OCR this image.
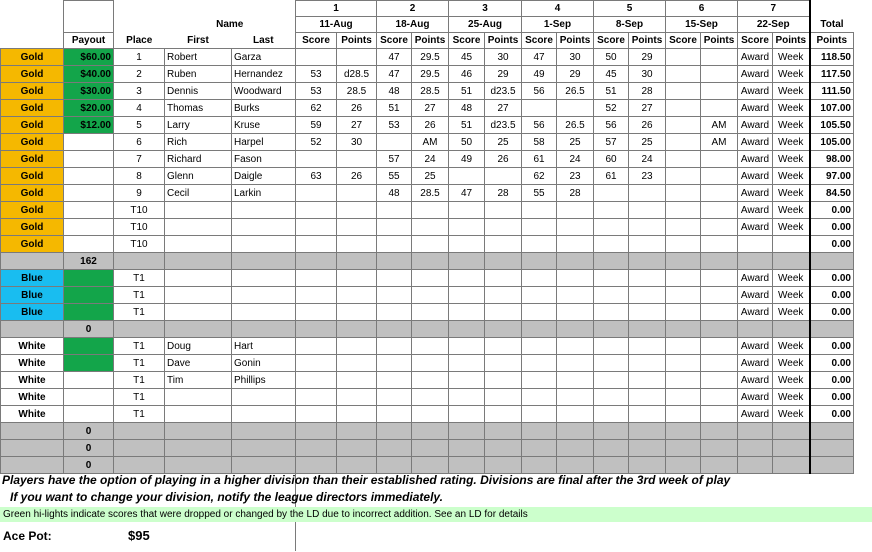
					1		2		3		4		5		6		7		
			Name		11-Aug		18-Aug		25-Aug		1-Sep		8-Sep		15-Sep		22-Sep		Total
	Payout	Place	First	Last	Score	Points	Score	Points	Score	Points	Score	Points	Score	Points	Score	Points	Score	Points	Points
Gold	$60.00	1	Robert	Garza			47	29.5	45	30	47	30	50	29			Award	Week	118.50
Gold	$40.00	2	Ruben	Hernandez	53	d28.5	47	29.5	46	29	49	29	45	30			Award	Week	117.50
Gold	$30.00	3	Dennis	Woodward	53	28.5	48	28.5	51	d23.5	56	26.5	51	28			Award	Week	111.50
Gold	$20.00	4	Thomas	Burks	62	26	51	27	48	27			52	27			Award	Week	107.00
Gold	$12.00	5	Larry	Kruse	59	27	53	26	51	d23.5	56	26.5	56	26		AM	Award	Week	105.50
Gold		6	Rich	Harpel	52	30		AM	50	25	58	25	57	25		AM	Award	Week	105.00
Gold		7	Richard	Fason			57	24	49	26	61	24	60	24			Award	Week	98.00
Gold		8	Glenn	Daigle	63	26	55	25			62	23	61	23			Award	Week	97.00
Gold		9	Cecil	Larkin			48	28.5	47	28	55	28					Award	Week	84.50
Gold		T10															Award	Week	0.00
Gold		T10															Award	Week	0.00
Gold		T10																	0.00
	162																		
Blue		T1															Award	Week	0.00
Blue		T1															Award	Week	0.00
Blue		T1															Award	Week	0.00
	0																		
White		T1	Doug	Hart													Award	Week	0.00
White		T1	Dave	Gonin													Award	Week	0.00
White		T1	Tim	Phillips													Award	Week	0.00
White		T1															Award	Week	0.00
White		T1															Award	Week	0.00
	0																		
	0																		
	0																		
Players have the option of playing in a higher division than their established rating. Divisions are final after the 3rd week of play
If you want to change your division, notify the league directors immediately.
Green hi-lights indicate scores that were dropped or changed by the LD due to incorrect addition. See an LD for details
Ace Pot:	$95
